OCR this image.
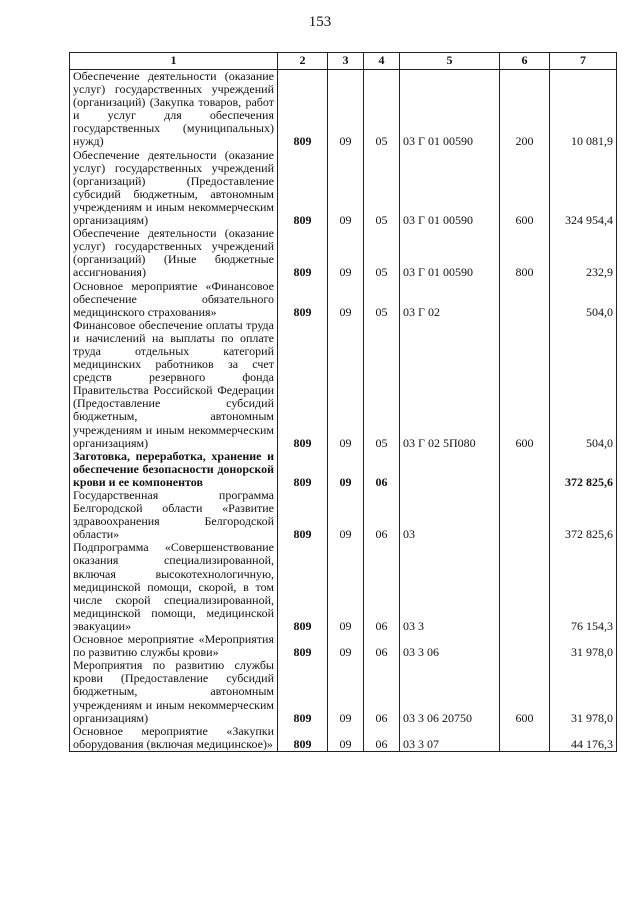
153
1	2	3	4	5	6	7
Обеспечение деятельности (оказание услуг) государственных учреждений (организаций) (Закупка товаров, работ и услуг для обеспечения государственных (муниципальных) нужд)	809	09	05	03 Г 01 00590	200	10 081,9
Обеспечение деятельности (оказание услуг) государственных учреждений (организаций) (Предоставление субсидий бюджетным, автономным учреждениям и иным некоммерческим организациям)	809	09	05	03 Г 01 00590	600	324 954,4
Обеспечение деятельности (оказание услуг) государственных учреждений (организаций) (Иные бюджетные ассигнования)	809	09	05	03 Г 01 00590	800	232,9
Основное мероприятие «Финансовое обеспечение обязательного медицинского страхования»	809	09	05	03 Г 02		504,0
Финансовое обеспечение оплаты труда и начислений на выплаты по оплате труда отдельных категорий медицинских работников за счет средств резервного фонда Правительства Российской Федерации (Предоставление субсидий бюджетным, автономным учреждениям и иным некоммерческим организациям)	809	09	05	03 Г 02 5П080	600	504,0
Заготовка, переработка, хранение и обеспечение безопасности донорской крови и ее компонентов	809	09	06			372 825,6
Государственная программа Белгородской области «Развитие здравоохранения Белгородской области»	809	09	06	03		372 825,6
Подпрограмма «Совершенствование оказания специализированной, включая высокотехнологичную, медицинской помощи, скорой, в том числе скорой специализированной, медицинской помощи, медицинской эвакуации»	809	09	06	03 3		76 154,3
Основное мероприятие «Мероприятия по развитию службы крови»	809	09	06	03 3 06		31 978,0
Мероприятия по развитию службы крови (Предоставление субсидий бюджетным, автономным учреждениям и иным некоммерческим организациям)	809	09	06	03 3 06 20750	600	31 978,0
Основное мероприятие «Закупки оборудования (включая медицинское)»	809	09	06	03 3 07		44 176,3
